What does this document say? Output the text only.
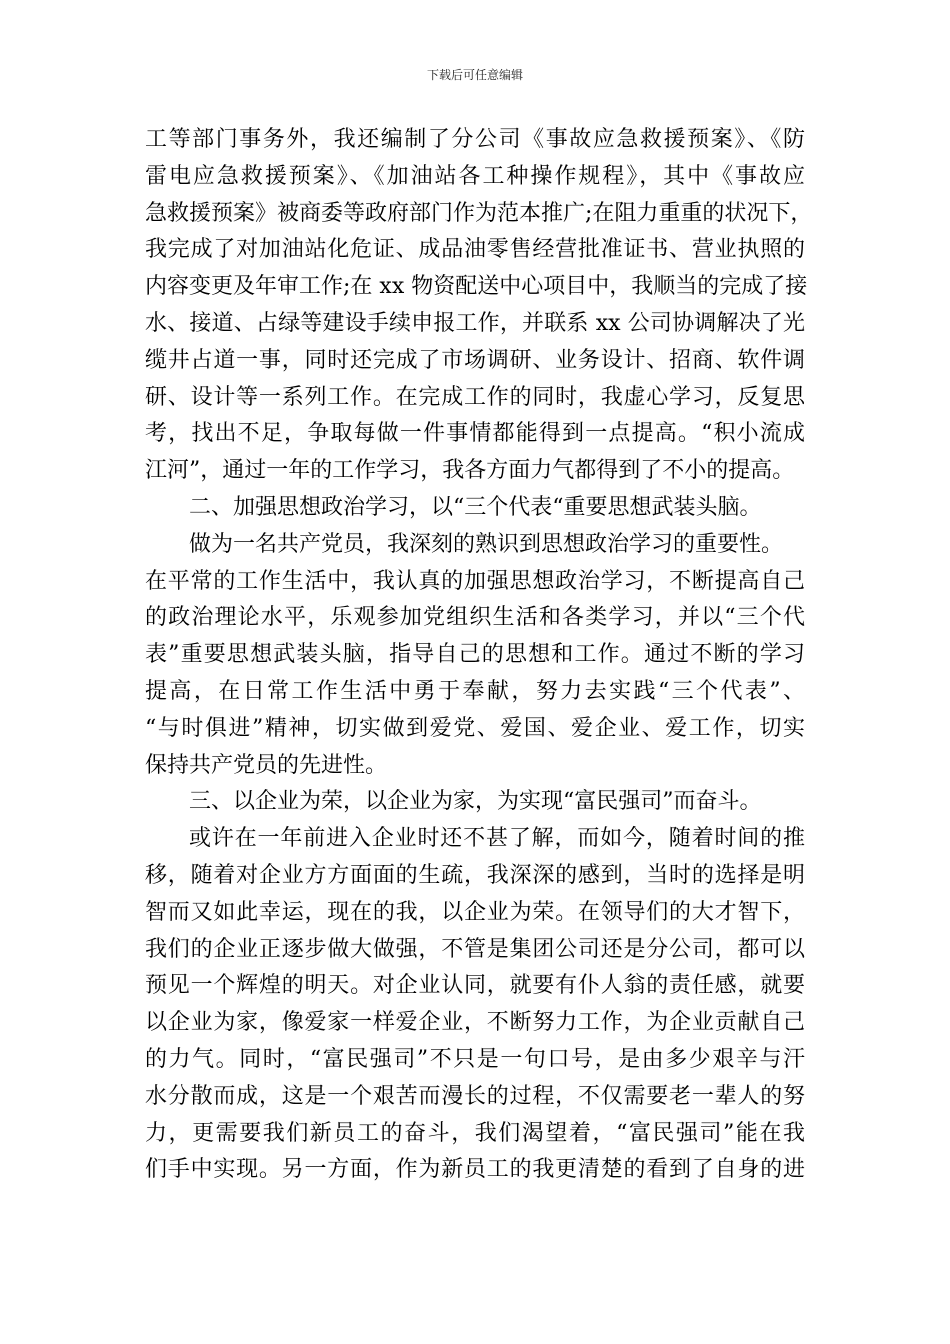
下载后可任意编辑
工等部门事务外，我还编制了分公司《事故应急救援预案》、《防
雷电应急救援预案》、《加油站各工种操作规程》，其中《事故应
急救援预案》被商委等政府部门作为范本推广;在阻力重重的状况下，
我完成了对加油站化危证、成品油零售经营批准证书、营业执照的
内容变更及年审工作;在 xx 物资配送中心项目中，我顺当的完成了接
水、接道、占绿等建设手续申报工作，并联系 xx 公司协调解决了光
缆井占道一事，同时还完成了市场调研、业务设计、招商、软件调
研、设计等一系列工作。在完成工作的同时，我虚心学习，反复思
考，找出不足，争取每做一件事情都能得到一点提高。“积小流成
江河”，通过一年的工作学习，我各方面力气都得到了不小的提高。
二、加强思想政治学习，以“三个代表“重要思想武装头脑。
做为一名共产党员，我深刻的熟识到思想政治学习的重要性。
在平常的工作生活中，我认真的加强思想政治学习，不断提高自己
的政治理论水平，乐观参加党组织生活和各类学习，并以“三个代
表”重要思想武装头脑，指导自己的思想和工作。通过不断的学习
提高，在日常工作生活中勇于奉献，努力去实践“三个代表”、
“与时俱进”精神，切实做到爱党、爱国、爱企业、爱工作，切实
保持共产党员的先进性。
三、以企业为荣，以企业为家，为实现“富民强司”而奋斗。
或许在一年前进入企业时还不甚了解，而如今，随着时间的推
移，随着对企业方方面面的生疏，我深深的感到，当时的选择是明
智而又如此幸运，现在的我，以企业为荣。在领导们的大才智下，
我们的企业正逐步做大做强，不管是集团公司还是分公司，都可以
预见一个辉煌的明天。对企业认同，就要有仆人翁的责任感，就要
以企业为家，像爱家一样爱企业，不断努力工作，为企业贡献自己
的力气。同时，“富民强司”不只是一句口号，是由多少艰辛与汗
水分散而成，这是一个艰苦而漫长的过程，不仅需要老一辈人的努
力，更需要我们新员工的奋斗，我们渴望着，“富民强司”能在我
们手中实现。另一方面，作为新员工的我更清楚的看到了自身的进
